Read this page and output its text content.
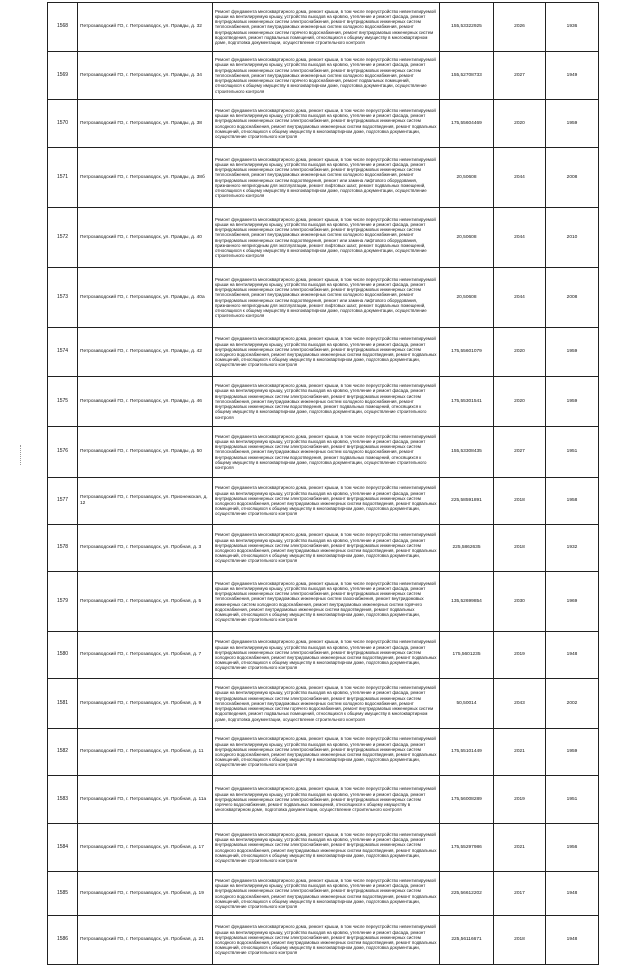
1568	Петрозаводский ГО, г. Петрозаводск, ул. Правды, д. 32	Ремонт фундамента многоквартирного дома, ремонт крыши, в том числе переустройство невентилируемой крыши на вентилируемую крышу, устройство выходов на кровлю, утепление и ремонт фасада, ремонт внутридомовых инженерных систем электроснабжения, ремонт внутридомовых инженерных систем теплоснабжения, ремонт внутридомовых инженерных систем холодного водоснабжения, ремонт внутридомовых инженерных систем горячего водоснабжения, ремонт внутридомовых инженерных систем водоотведения, ремонт подвальных помещений, относящихся к общему имуществу в многоквартирном доме, подготовка документации, осуществление строительного контроля	155,53322925	2026	1936
1569	Петрозаводский ГО, г. Петрозаводск, ул. Правды, д. 34	Ремонт фундамента многоквартирного дома, ремонт крыши, в том числе переустройство невентилируемой крыши на вентилируемую крышу, устройство выходов на кровлю, утепление и ремонт фасада, ремонт внутридомовых инженерных систем электроснабжения, ремонт внутридомовых инженерных систем теплоснабжения, ремонт внутридомовых инженерных систем холодного водоснабжения, ремонт внутридомовых инженерных систем горячего водоснабжения, ремонт подвальных помещений, относящихся к общему имуществу в многоквартирном доме, подготовка документации, осуществление строительного контроля	155,52708733	2027	1949
1570	Петрозаводский ГО, г. Петрозаводск, ул. Правды, д. 38	Ремонт фундамента многоквартирного дома, ремонт крыши, в том числе переустройство невентилируемой крыши на вентилируемую крышу, устройство выходов на кровлю, утепление и ремонт фасада, ремонт внутридомовых инженерных систем электроснабжения, ремонт внутридомовых инженерных систем холодного водоснабжения, ремонт внутридомовых инженерных систем водоотведения, ремонт подвальных помещений, относящихся к общему имуществу в многоквартирном доме, подготовка документации, осуществление строительного контроля	175,55604469	2020	1959
1571	Петрозаводский ГО, г. Петрозаводск, ул. Правды, д. 38б	Ремонт фундамента многоквартирного дома, ремонт крыши, в том числе переустройство невентилируемой крыши на вентилируемую крышу, устройство выходов на кровлю, утепление и ремонт фасада, ремонт внутридомовых инженерных систем электроснабжения, ремонт внутридомовых инженерных систем теплоснабжения, ремонт внутридомовых инженерных систем холодного водоснабжения, ремонт внутридомовых инженерных систем водоотведения, ремонт или замена лифтового оборудования, признанного непригодным для эксплуатации, ремонт лифтовых шахт, ремонт подвальных помещений, относящихся к общему имуществу в многоквартирном доме, подготовка документации, осуществление строительного контроля	20,50608	2044	2008
1572	Петрозаводский ГО, г. Петрозаводск, ул. Правды, д. 40	Ремонт фундамента многоквартирного дома, ремонт крыши, в том числе переустройство невентилируемой крыши на вентилируемую крышу, устройство выходов на кровлю, утепление и ремонт фасада, ремонт внутридомовых инженерных систем электроснабжения, ремонт внутридомовых инженерных систем теплоснабжения, ремонт внутридомовых инженерных систем холодного водоснабжения, ремонт внутридомовых инженерных систем водоотведения, ремонт или замена лифтового оборудования, признанного непригодным для эксплуатации, ремонт лифтовых шахт, ремонт подвальных помещений, относящихся к общему имуществу в многоквартирном доме, подготовка документации, осуществление строительного контроля	20,50608	2044	2010
1573	Петрозаводский ГО, г. Петрозаводск, ул. Правды, д. 40а	Ремонт фундамента многоквартирного дома, ремонт крыши, в том числе переустройство невентилируемой крыши на вентилируемую крышу, устройство выходов на кровлю, утепление и ремонт фасада, ремонт внутридомовых инженерных систем электроснабжения, ремонт внутридомовых инженерных систем теплоснабжения, ремонт внутридомовых инженерных систем холодного водоснабжения, ремонт внутридомовых инженерных систем водоотведения, ремонт или замена лифтового оборудования, признанного непригодным для эксплуатации, ремонт лифтовых шахт, ремонт подвальных помещений, относящихся к общему имуществу в многоквартирном доме, подготовка документации, осуществление строительного контроля	20,50608	2044	2008
1574	Петрозаводский ГО, г. Петрозаводск, ул. Правды, д. 42	Ремонт фундамента многоквартирного дома, ремонт крыши, в том числе переустройство невентилируемой крыши на вентилируемую крышу, устройство выходов на кровлю, утепление и ремонт фасада, ремонт внутридомовых инженерных систем электроснабжения, ремонт внутридомовых инженерных систем холодного водоснабжения, ремонт внутридомовых инженерных систем водоотведения, ремонт подвальных помещений, относящихся к общему имуществу в многоквартирном доме, подготовка документации, осуществление строительного контроля	175,55601079	2020	1959
1575	Петрозаводский ГО, г. Петрозаводск, ул. Правды, д. 46	Ремонт фундамента многоквартирного дома, ремонт крыши, в том числе переустройство невентилируемой крыши на вентилируемую крышу, устройство выходов на кровлю, утепление и ремонт фасада, ремонт внутридомовых инженерных систем электроснабжения, ремонт внутридомовых инженерных систем теплоснабжения, ремонт внутридомовых инженерных систем холодного водоснабжения, ремонт внутридомовых инженерных систем водоотведения, ремонт подвальных помещений, относящихся к общему имуществу в многоквартирном доме, подготовка документации, осуществление строительного контроля	175,55301541	2020	1959
1576	Петрозаводский ГО, г. Петрозаводск, ул. Правды, д. 50	Ремонт фундамента многоквартирного дома, ремонт крыши, в том числе переустройство невентилируемой крыши на вентилируемую крышу, устройство выходов на кровлю, утепление и ремонт фасада, ремонт внутридомовых инженерных систем электроснабжения, ремонт внутридомовых инженерных систем теплоснабжения, ремонт внутридомовых инженерных систем холодного водоснабжения, ремонт внутридомовых инженерных систем водоотведения, ремонт подвальных помещений, относящихся к общему имуществу в многоквартирном доме, подготовка документации, осуществление строительного контроля	155,53308435	2027	1951
1577	Петрозаводский ГО, г. Петрозаводск, ул. Прионежская, д. 12	Ремонт фундамента многоквартирного дома, ремонт крыши, в том числе переустройство невентилируемой крыши на вентилируемую крышу, устройство выходов на кровлю, утепление и ремонт фасада, ремонт внутридомовых инженерных систем электроснабжения, ремонт внутридомовых инженерных систем холодного водоснабжения, ремонт внутридомовых инженерных систем водоотведения, ремонт подвальных помещений, относящихся к общему имуществу в многоквартирном доме, подготовка документации, осуществление строительного контроля	225,58591891	2018	1958
1578	Петрозаводский ГО, г. Петрозаводск, ул. Пробная, д. 3	Ремонт фундамента многоквартирного дома, ремонт крыши, в том числе переустройство невентилируемой крыши на вентилируемую крышу, устройство выходов на кровлю, утепление и ремонт фасада, ремонт внутридомовых инженерных систем электроснабжения, ремонт внутридомовых инженерных систем холодного водоснабжения, ремонт внутридомовых инженерных систем водоотведения, ремонт подвальных помещений, относящихся к общему имуществу в многоквартирном доме, подготовка документации, осуществление строительного контроля	225,5862635	2018	1932
1579	Петрозаводский ГО, г. Петрозаводск, ул. Пробная, д. 5	Ремонт фундамента многоквартирного дома, ремонт крыши, в том числе переустройство невентилируемой крыши на вентилируемую крышу, устройство выходов на кровлю, утепление и ремонт фасада, ремонт внутридомовых инженерных систем электроснабжения, ремонт внутридомовых инженерных систем теплоснабжения, ремонт внутридомовых инженерных систем газоснабжения, ремонт внутридомовых инженерных систем холодного водоснабжения, ремонт внутридомовых инженерных систем горячего водоснабжения, ремонт внутридомовых инженерных систем водоотведения, ремонт подвальных помещений, относящихся к общему имуществу в многоквартирном доме, подготовка документации, осуществление строительного контроля	135,52699854	2030	1969
1580	Петрозаводский ГО, г. Петрозаводск, ул. Пробная, д. 7	Ремонт фундамента многоквартирного дома, ремонт крыши, в том числе переустройство невентилируемой крыши на вентилируемую крышу, устройство выходов на кровлю, утепление и ремонт фасада, ремонт внутридомовых инженерных систем электроснабжения, ремонт внутридомовых инженерных систем холодного водоснабжения, ремонт внутридомовых инженерных систем водоотведения, ремонт подвальных помещений, относящихся к общему имуществу в многоквартирном доме, подготовка документации, осуществление строительного контроля	175,5601235	2019	1948
1581	Петрозаводский ГО, г. Петрозаводск, ул. Пробная, д. 9	Ремонт фундамента многоквартирного дома, ремонт крыши, в том числе переустройство невентилируемой крыши на вентилируемую крышу, устройство выходов на кровлю, утепление и ремонт фасада, ремонт внутридомовых инженерных систем электроснабжения, ремонт внутридомовых инженерных систем теплоснабжения, ремонт внутридомовых инженерных систем холодного водоснабжения, ремонт внутридомовых инженерных систем горячего водоснабжения, ремонт внутридомовых инженерных систем водоотведения, ремонт подвальных помещений, относящихся к общему имуществу в многоквартирном доме, подготовка документации, осуществление строительного контроля	50,50014	2043	2002
1582	Петрозаводский ГО, г. Петрозаводск, ул. Пробная, д. 11	Ремонт фундамента многоквартирного дома, ремонт крыши, в том числе переустройство невентилируемой крыши на вентилируемую крышу, устройство выходов на кровлю, утепление и ремонт фасада, ремонт внутридомовых инженерных систем электроснабжения, ремонт внутридомовых инженерных систем холодного водоснабжения, ремонт внутридомовых инженерных систем водоотведения, ремонт подвальных помещений, относящихся к общему имуществу в многоквартирном доме, подготовка документации, осуществление строительного контроля	175,55101449	2021	1959
1583	Петрозаводский ГО, г. Петрозаводск, ул. Пробная, д. 11а	Ремонт фундамента многоквартирного дома, ремонт крыши, в том числе переустройство невентилируемой крыши на вентилируемую крышу, устройство выходов на кровлю, утепление и ремонт фасада, ремонт внутридомовых инженерных систем электроснабжения, ремонт внутридомовых инженерных систем горячего водоснабжения, ремонт подвальных помещений, относящихся к общему имуществу в многоквартирном доме, подготовка документации, осуществление строительного контроля	175,56008289	2019	1951
1584	Петрозаводский ГО, г. Петрозаводск, ул. Пробная, д. 17	Ремонт фундамента многоквартирного дома, ремонт крыши, в том числе переустройство невентилируемой крыши на вентилируемую крышу, устройство выходов на кровлю, утепление и ремонт фасада, ремонт внутридомовых инженерных систем электроснабжения, ремонт внутридомовых инженерных систем холодного водоснабжения, ремонт внутридомовых инженерных систем водоотведения, ремонт подвальных помещений, относящихся к общему имуществу в многоквартирном доме, подготовка документации, осуществление строительного контроля	175,55297986	2021	1956
1585	Петрозаводский ГО, г. Петрозаводск, ул. Пробная, д. 19	Ремонт фундамента многоквартирного дома, ремонт крыши, в том числе переустройство невентилируемой крыши на вентилируемую крышу, устройство выходов на кровлю, утепление и ремонт фасада, ремонт внутридомовых инженерных систем электроснабжения, ремонт внутридомовых инженерных систем холодного водоснабжения, ремонт внутридомовых инженерных систем водоотведения, ремонт подвальных помещений, относящихся к общему имуществу в многоквартирном доме, подготовка документации, осуществление строительного контроля	225,56612202	2017	1948
1586	Петрозаводский ГО, г. Петрозаводск, ул. Пробная, д. 21	Ремонт фундамента многоквартирного дома, ремонт крыши, в том числе переустройство невентилируемой крыши на вентилируемую крышу, устройство выходов на кровлю, утепление и ремонт фасада, ремонт внутридомовых инженерных систем электроснабжения, ремонт внутридомовых инженерных систем холодного водоснабжения, ремонт внутридомовых инженерных систем водоотведения, ремонт подвальных помещений, относящихся к общему имуществу в многоквартирном доме, подготовка документации, осуществление строительного контроля	225,56116671	2018	1948
